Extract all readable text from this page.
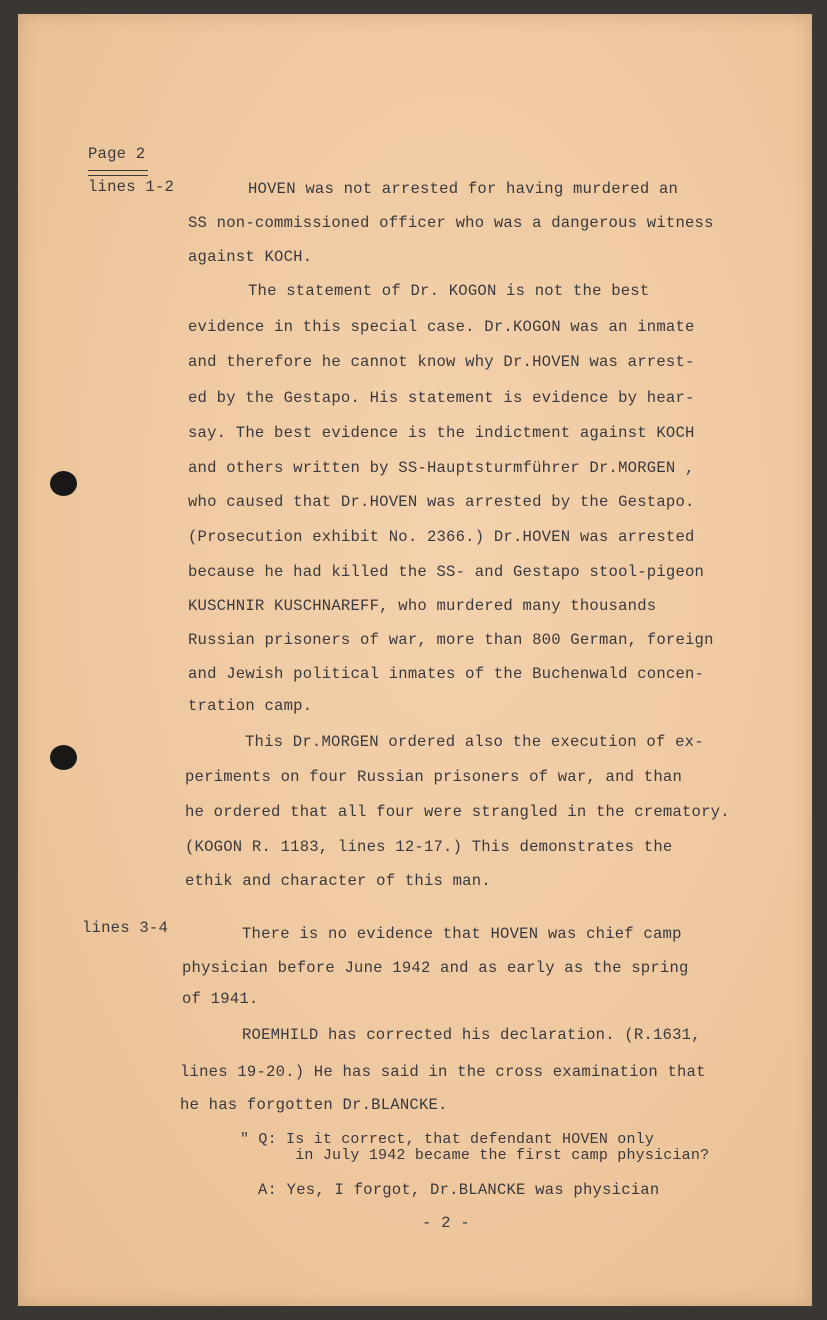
Page 2
lines 1-2	HOVEN was not arrested for having murdered an
SS non-commissioned officer who was a dangerous witness
against KOCH.
The statement of Dr. KOGON is not the best
evidence in this special case. Dr.KOGON was an inmate
and therefore he cannot know why Dr.HOVEN was arrest-
ed by the Gestapo. His statement is evidence by hear-
say. The best evidence is the indictment against KOCH
and others written by SS-Hauptsturmführer Dr.MORGEN ,
who caused that Dr.HOVEN was arrested by the Gestapo.
(Prosecution exhibit No. 2366.) Dr.HOVEN was arrested
because he had killed the SS- and Gestapo stool-pigeon
KUSCHNIR KUSCHNAREFF, who murdered many thousands
Russian prisoners of war, more than 800 German, foreign
and Jewish political inmates of the Buchenwald concen-
tration camp.
This Dr.MORGEN ordered also the execution of ex-
periments on four Russian prisoners of war, and than
he ordered that all four were strangled in the crematory.
(KOGON R. 1183, lines 12-17.) This demonstrates the
ethik and character of this man.
lines 3-4	There is no evidence that HOVEN was chief camp
physician before June 1942 and as early as the spring
of 1941.
ROEMHILD has corrected his declaration. (R.1631,
lines 19-20.) He has said in the cross examination that
he has forgotten Dr.BLANCKE.
" Q: Is it correct, that defendant HOVEN only
in July 1942 became the first camp physician?
A: Yes, I forgot, Dr.BLANCKE was physician
- 2 -
